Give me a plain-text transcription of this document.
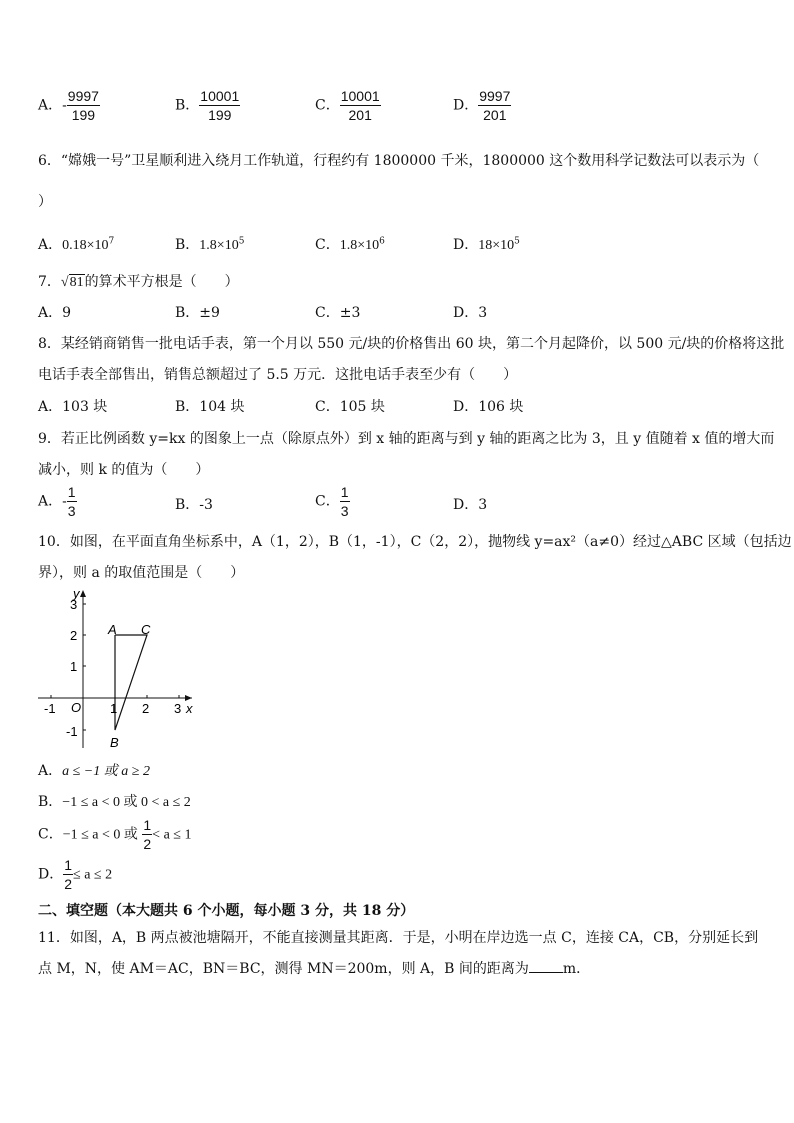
A．- $\frac{9997}{199}$	B． $\frac{10001}{199}$	C． $\frac{10001}{201}$	D． $\frac{9997}{201}$
6．“嫦娥一号”卫星顺利进入绕月工作轨道，行程约有 1800000 千米，1800000 这个数用科学记数法可以表示为（
）
A．$0.18\times 10^7$	B．$1.8\times 10^5$	C．$1.8\times 10^6$	D．$18\times 10^5$
7．√81的算术平方根是（　　）
A．9	B．±9	C．±3	D．3
8．某经销商销售一批电话手表，第一个月以 550 元/块的价格售出 60 块，第二个月起降价，以 500 元/块的价格将这批
电话手表全部售出，销售总额超过了 5.5 万元．这批电话手表至少有（　　）
A．103 块	B．104 块	C．105 块	D．106 块
9．若正比例函数 y=kx 的图象上一点（除原点外）到 x 轴的距离与到 y 轴的距离之比为 3，且 y 值随着 x 值的增大而
减小，则 k 的值为（　　）
A．- $\frac{1}{3}$	B．-3	C． $\frac{1}{3}$	D．3
10．如图，在平面直角坐标系中，A（1，2），B（1，-1），C（2，2），抛物线 y=ax²（a≠0）经过△ABC 区域（包括边
界），则 a 的取值范围是（　　）
-1	1 2 3
3
2
1
-1
O	x
y
A C
B
A．a ≤ −1 或 a ≥ 2
B．−1 ≤ a < 0 或 0 < a ≤ 2
C．−1 ≤ a < 0 或 $\frac{1}{2} < a \le 1$
D． $\frac{1}{2} \le a \le 2$
二、填空题（本大题共 6 个小题，每小题 3 分，共 18 分）
11．如图，A，B 两点被池塘隔开，不能直接测量其距离．于是，小明在岸边选一点 C，连接 CA，CB，分别延长到
点 M，N，使 AM＝AC，BN＝BC，测得 MN＝200m，则 A，B 间的距离为 m．
